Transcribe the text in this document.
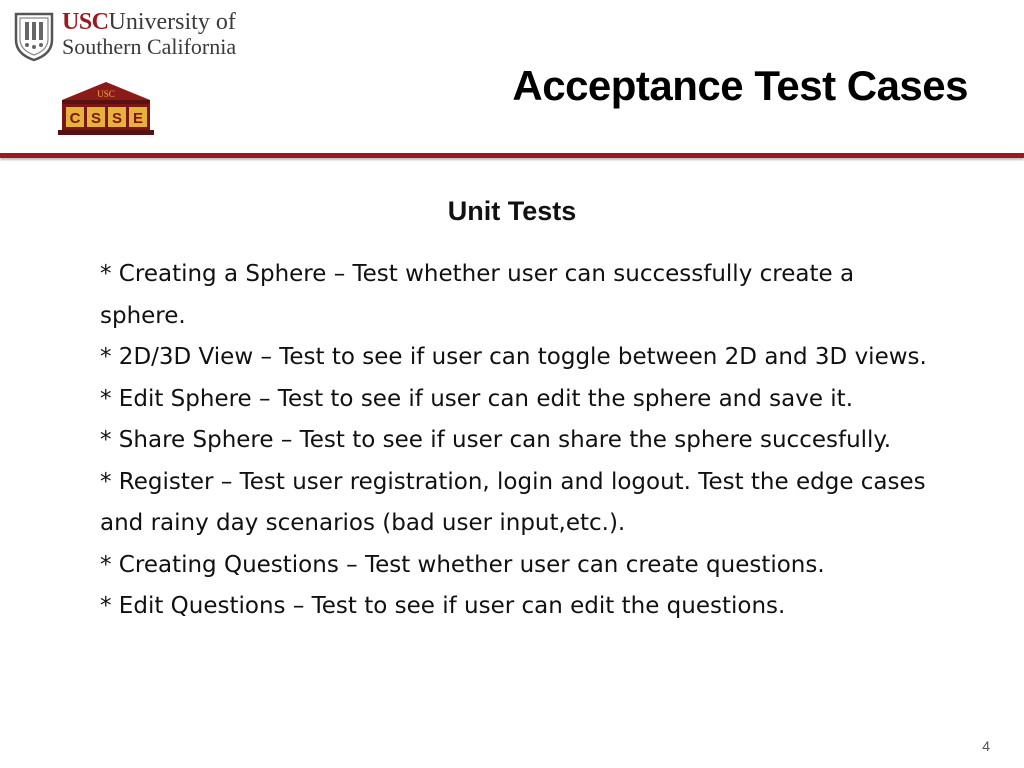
USCUniversity of
Southern California
USC
C S S E
Acceptance Test Cases
Unit Tests

* Creating a Sphere – Test whether user can successfully create a sphere.

* 2D/3D View – Test to see if user can toggle between 2D and 3D views.

* Edit Sphere – Test to see if user can edit the sphere and save it.

* Share Sphere – Test to see if user can share the sphere succesfully.

* Register – Test user registration, login and logout. Test the edge cases and rainy day scenarios (bad user input,etc.).

* Creating Questions – Test whether user can create questions.

* Edit Questions – Test to see if user can edit the questions.

4
